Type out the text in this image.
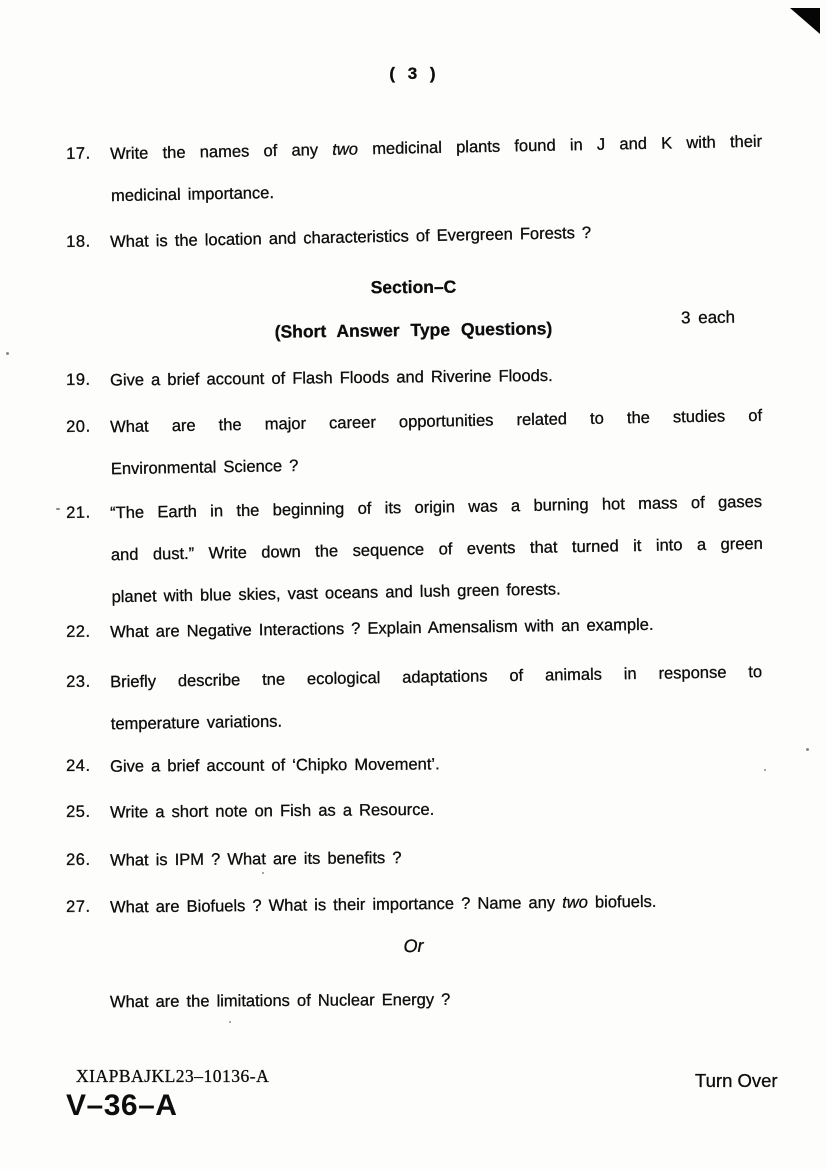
( 3 )
Section–C
(Short Answer Type Questions)
3 each
17. Write the names of any two medicinal plants found in J and K with their
medicinal importance.
18. What is the location and characteristics of Evergreen Forests ?
19. Give a brief account of Flash Floods and Riverine Floods.
20. What are the major career opportunities related to the studies of
Environmental Science ?
21. “The Earth in the beginning of its origin was a burning hot mass of gases
and dust.” Write down the sequence of events that turned it into a green
planet with blue skies, vast oceans and lush green forests.
22. What are Negative Interactions ? Explain Amensalism with an example.
23. Briefly describe tne ecological adaptations of animals in response to
temperature variations.
24. Give a brief account of ‘Chipko Movement’.
25. Write a short note on Fish as a Resource.
26. What is IPM ? What are its benefits ?
27. What are Biofuels ? What is their importance ? Name any two biofuels.
Or
What are the limitations of Nuclear Energy ?
XIAPBAJKL23–10136-A
V–36–A
Turn Over
